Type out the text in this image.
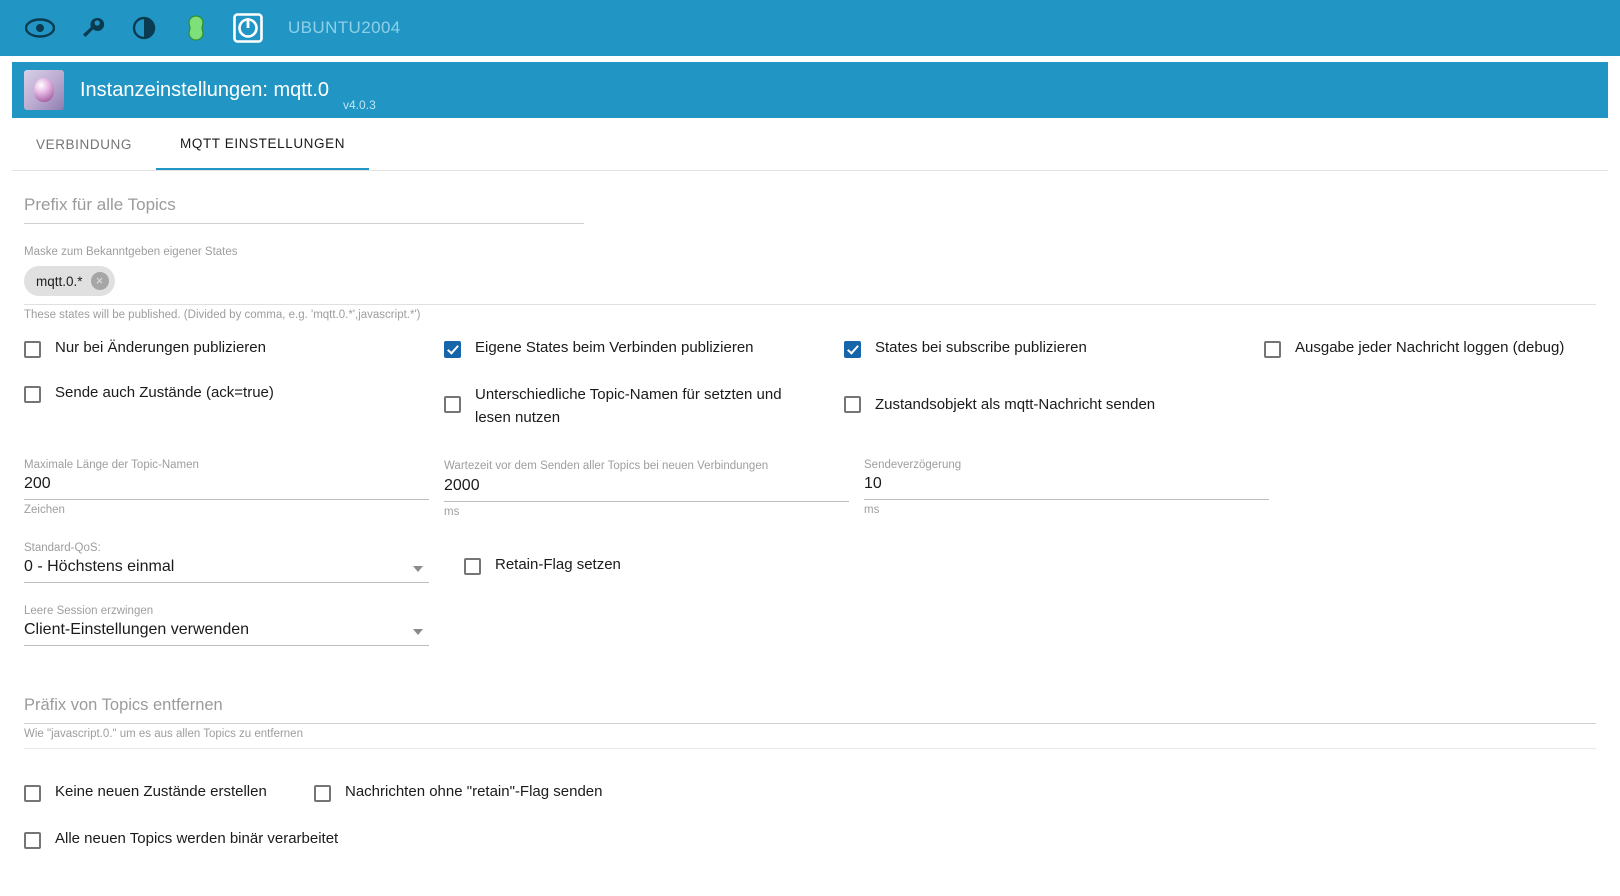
UBUNTU2004
Instanzeinstellungen: mqtt.0
v4.0.3
VERBINDUNG	MQTT EINSTELLUNGEN
Prefix für alle Topics
Maske zum Bekanntgeben eigener States
mqtt.0.*	×
These states will be published. (Divided by comma, e.g. 'mqtt.0.*',javascript.*')
Nur bei Änderungen publizieren	Eigene States beim Verbinden publizieren	States bei subscribe publizieren	Ausgabe jeder Nachricht loggen (debug)
Sende auch Zustände (ack=true)	Unterschiedliche Topic-Namen für setzten und lesen nutzen
Zustandsobjekt als mqtt-Nachricht senden
Maximale Länge der Topic-Namen
200
Zeichen
Wartezeit vor dem Senden aller Topics bei neuen Verbindungen
2000
ms
Sendeverzögerung
10
ms
Standard-QoS:
0 - Höchstens einmal	Retain-Flag setzen
Leere Session erzwingen
Client-Einstellungen verwenden
Präfix von Topics entfernen
Wie "javascript.0." um es aus allen Topics zu entfernen
Keine neuen Zustände erstellen	Nachrichten ohne "retain"-Flag senden
Alle neuen Topics werden binär verarbeitet
